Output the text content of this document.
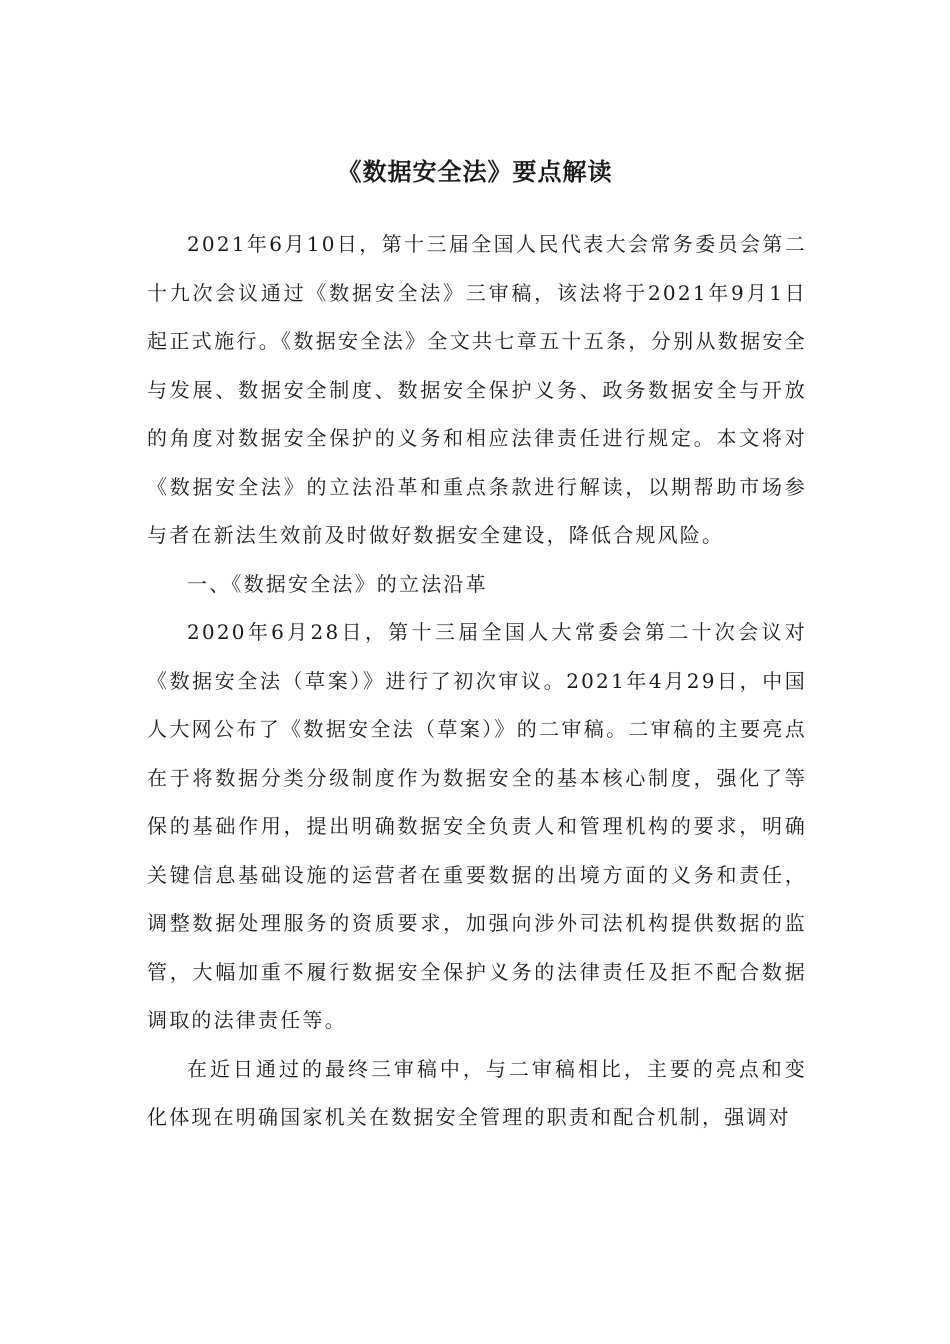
《数据安全法》要点解读

2021年6月10日，第十三届全国人民代表大会常务委员会第二十九次会议通过《数据安全法》三审稿，该法将于2021年9月1日起正式施行。《数据安全法》全文共七章五十五条，分别从数据安全与发展、数据安全制度、数据安全保护义务、政务数据安全与开放的角度对数据安全保护的义务和相应法律责任进行规定。本文将对《数据安全法》的立法沿革和重点条款进行解读，以期帮助市场参与者在新法生效前及时做好数据安全建设，降低合规风险。

一、《数据安全法》的立法沿革

2020年6月28日，第十三届全国人大常委会第二十次会议对《数据安全法（草案）》进行了初次审议。2021年4月29日，中国人大网公布了《数据安全法（草案）》的二审稿。二审稿的主要亮点在于将数据分类分级制度作为数据安全的基本核心制度，强化了等保的基础作用，提出明确数据安全负责人和管理机构的要求，明确关键信息基础设施的运营者在重要数据的出境方面的义务和责任，调整数据处理服务的资质要求，加强向涉外司法机构提供数据的监管，大幅加重不履行数据安全保护义务的法律责任及拒不配合数据调取的法律责任等。

在近日通过的最终三审稿中，与二审稿相比，主要的亮点和变化体现在明确国家机关在数据安全管理的职责和配合机制，强调对
